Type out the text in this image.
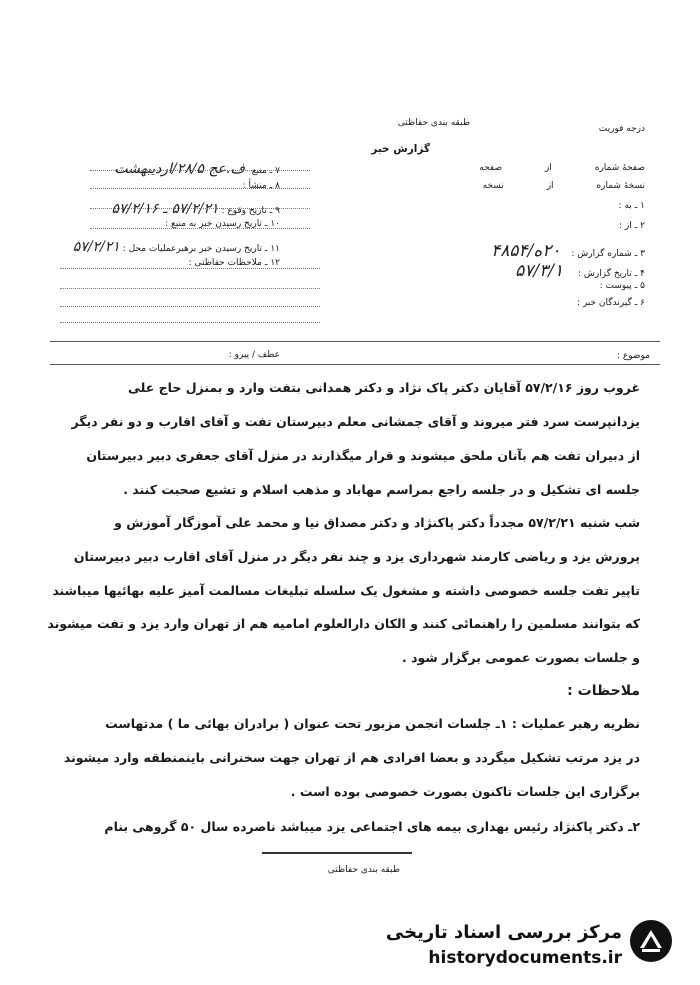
طبقه بندی حفاظتی
درجه فوریت
گزارش خبر
۷ ـ منبع ف.عج ۲۸/۵/اردیبهشت
۸ ـ منشأ :
۹ ـ تاریخ وقوع : ۵۷/۲/۲۱ ـ ۵۷/۲/۱۶
۱۰ ـ تاریخ رسیدن خبر به منبع :
۱۱ ـ تاریخ رسیدن خبر برهبرعملیات محل : ۵۷/۲/۲۱
۱۲ ـ ملاحظات حفاظتی :
صفحهٔ شماره از صفحه
نسخهٔ شماره از نسخه
۱ ـ به :
۲ ـ از :
۳ ـ شماره گزارش : ۲۰ه/۴۸۵۴
۴ ـ تاریخ گزارش : ۵۷/۳/۱
۵ ـ پیوست :
۶ ـ گیرندگان خبر :
موضوع :
عطف / پیرو :
غروب روز ۵۷/۲/۱۶ آقایان دکتر پاک نژاد و دکتر همدانی بتفت وارد و بمنزل حاج علی
یزدانپرست سرد فتر میروند و آقای جمشانی معلم دبیرستان تفت و آقای اقارب و دو نفر دیگر
از دبیران تفت هم بآنان ملحق میشوند و قرار میگذارند در منزل آقای جعفری دبیر دبیرستان
جلسه ای تشکیل و در جلسه راجع بمراسم مهاباد و مذهب اسلام و تشیع صحبت کنند .
شب شنبه ۵۷/۲/۲۱ مجدداً دکتر پاکنژاد و دکتر مصداق نیا و محمد علی آموزگار آموزش و
پرورش یزد و ریاضی کارمند شهرداری یزد و چند نفر دیگر در منزل آقای اقارب دبیر دبیرستان
تاپیر تفت جلسه خصوصی داشته و مشغول یک سلسله تبلیغات مسالمت آمیز علیه بهائیها میباشند
که بتوانند مسلمین را راهنمائی کنند و الکان دارالعلوم امامیه هم از تهران وارد یزد و تفت میشوند
و جلسات بصورت عمومی برگزار شود .
ملاحظات :
نظریه رهبر عملیات : ۱ـ جلسات انجمن مزبور تحت عنوان ( برادران بهائی ما ) مدتهاست
در یزد مرتب تشکیل میگردد و بعضا افرادی هم از تهران جهت سخنرانی باینمنطقه وارد میشوند
برگزاری این جلسات تاکنون بصورت خصوصی بوده است .
۲ـ دکتر پاکنژاد رئیس بهداری بیمه های اجتماعی یزد میباشد ناصرده سال ۵۰ گروهی بنام
طبقه بندی حفاظتی
مرکز بررسی اسناد تاریخی
historydocuments.ir
